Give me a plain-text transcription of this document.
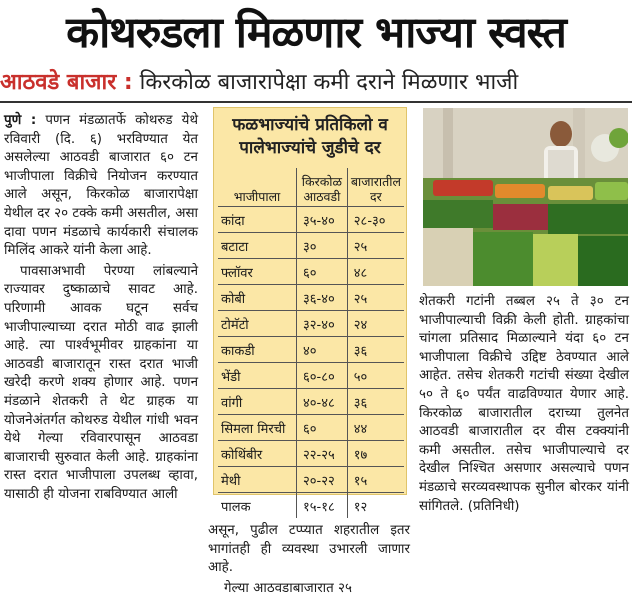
कोथरुडला मिळणार भाज्या स्वस्त
आठवडे बाजार : किरकोळ बाजारापेक्षा कमी दराने मिळणार भाजी

पुणे : पणन मंडळातर्फे कोथरुड येथे रविवारी (दि. ६) भरविण्यात येत असलेल्या आठवडी बाजारात ६० टन भाजीपाला विक्रीचे नियोजन करण्यात आले असून, किरकोळ बाजारापेक्षा येथील दर २० टक्के कमी असतील, असा दावा पणन मंडळाचे कार्यकारी संचालक मिलिंद आकरे यांनी केला आहे.

पावसाअभावी पेरण्या लांबल्याने राज्यावर दुष्काळाचे सावट आहे. परिणामी आवक घटून सर्वच भाजीपाल्याच्या दरात मोठी वाढ झाली आहे. त्या पार्श्वभूमीवर ग्राहकांना या आठवडी बाजारातून रास्त दरात भाजी खरेदी करणे शक्य होणार आहे. पणन मंडळाने शेतकरी ते थेट ग्राहक या योजनेअंतर्गत कोथरुड येथील गांधी भवन येथे गेल्या रविवारपासून आठवडा बाजाराची सुरुवात केली आहे. ग्राहकांना रास्त दरात भाजीपाला उपलब्ध व्हावा, यासाठी ही योजना राबविण्यात आली

फळभाज्यांचे प्रतिकिलो व पालेभाज्यांचे जुडीचे दर
भाजीपाला	किरकोळ आठवडी	बाजारातील दर
कांदा	३५-४०	२८-३०
बटाटा	३०	२५
फ्लॉवर	६०	४८
कोबी	३६-४०	२५
टोमॅटो	३२-४०	२४
काकडी	४०	३६
भेंडी	६०-८०	५०
वांगी	४०-४८	३६
सिमला मिरची	६०	४४
कोथिंबीर	२२-२५	१७
मेथी	२०-२२	१५
पालक	१५-१८	१२

असून, पुढील टप्प्यात शहरातील इतर भागांतही ही व्यवस्था उभारली जाणार आहे.

गेल्या आठवडाबाजारात २५

शेतकरी गटांनी तब्बल २५ ते ३० टन भाजीपाल्याची विक्री केली होती. ग्राहकांचा चांगला प्रतिसाद मिळाल्याने यंदा ६० टन भाजीपाला विक्रीचे उद्दिष्ट ठेवण्यात आले आहेत. तसेच शेतकरी गटांची संख्या देखील ५० ते ६० पर्यंत वाढविण्यात येणार आहे. किरकोळ बाजारातील दराच्या तुलनेत आठवडी बाजारातील दर वीस टक्क्यांनी कमी असतील. तसेच भाजीपाल्याचे दर देखील निश्चित असणार असल्याचे पणन मंडळाचे सरव्यवस्थापक सुनील बोरकर यांनी सांगितले. (प्रतिनिधी)
